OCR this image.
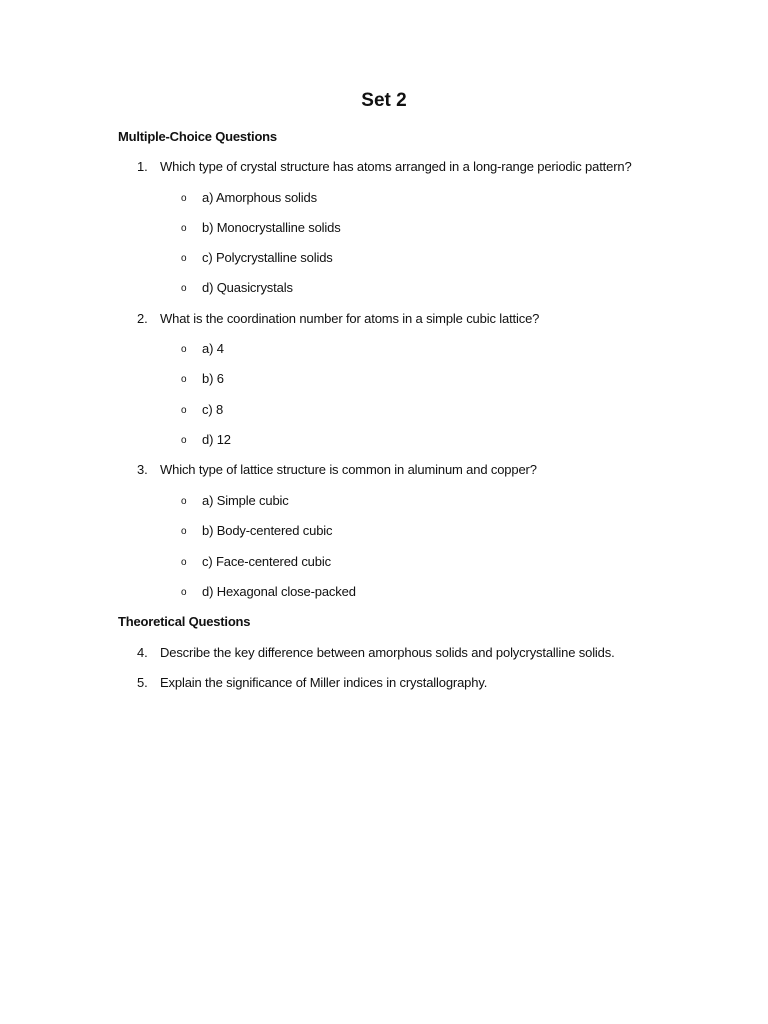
Set 2
Multiple-Choice Questions
1. Which type of crystal structure has atoms arranged in a long-range periodic pattern?
o a) Amorphous solids
o b) Monocrystalline solids
o c) Polycrystalline solids
o d) Quasicrystals
2. What is the coordination number for atoms in a simple cubic lattice?
o a) 4
o b) 6
o c) 8
o d) 12
3. Which type of lattice structure is common in aluminum and copper?
o a) Simple cubic
o b) Body-centered cubic
o c) Face-centered cubic
o d) Hexagonal close-packed
Theoretical Questions
4. Describe the key difference between amorphous solids and polycrystalline solids.
5. Explain the significance of Miller indices in crystallography.
